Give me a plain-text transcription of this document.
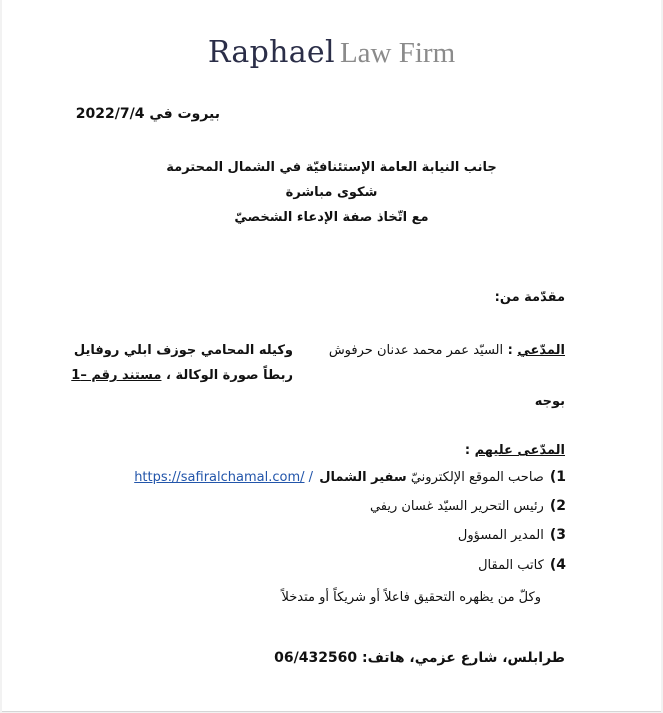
Raphael Law Firm
بيروت في 2022/7/4
جانب النيابة العامة الإستئنافيّة في الشمال المحترمة
شكوى مباشرة
مع اتّخاذ صفة الإدعاء الشخصيّ
مقدّمة من:
المدّعي : السيّد عمر محمد عدنان حرفوش
وكيله المحامي جوزف ابلي روفايل
ربطاً صورة الوكالة ، مستند رقم –1
بوجه
المدّعى عليهم :
1)صاحب الموقع الإلكترونيّ سفير الشمال / https://safiralchamal.com/
2)رئيس التحرير السيّد غسان ريفي
3)المدير المسؤول
4)كاتب المقال
وكلّ من يظهره التحقيق فاعلاً أو شريكاً أو متدخلاً
طرابلس، شارع عزمي، هاتف: 06/432560
